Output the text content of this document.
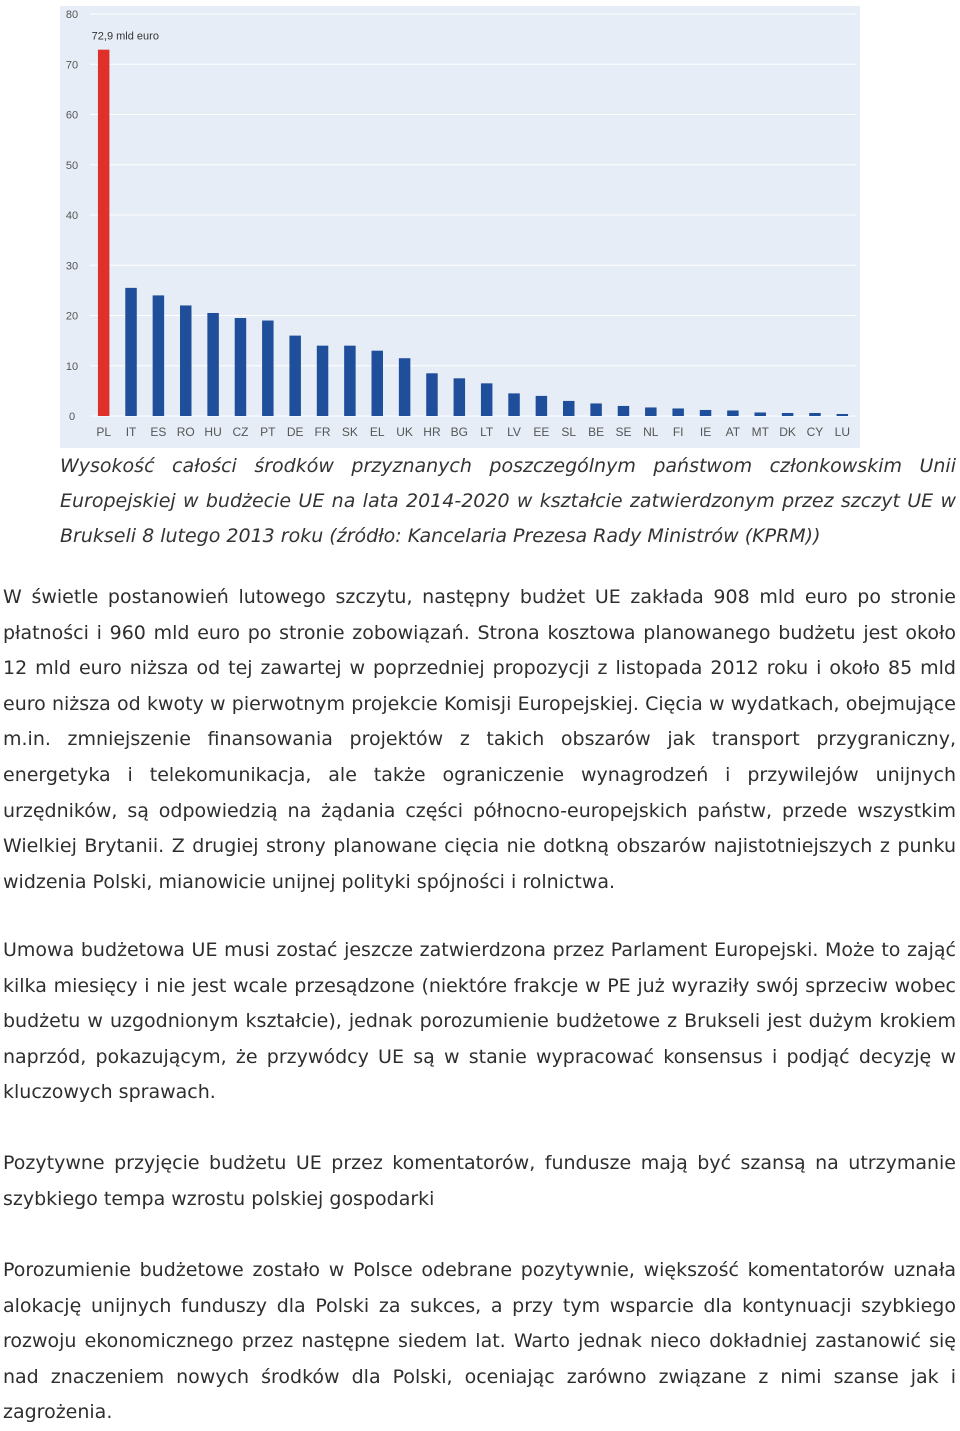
0
10
20
30
40
50
60
70
80
PL IT ES RO HU CZ PT DE FR SK EL UK HR BG LT LV EE SL BE SE NL FI IE AT MT DK CY LU
72,9 mld euro
Wysokość całości środków przyznanych poszczególnym państwom członkowskim Unii Europejskiej w budżecie UE na lata 2014-2020 w kształcie zatwierdzonym przez szczyt UE w Brukseli 8 lutego 2013 roku (źródło: Kancelaria Prezesa Rady Ministrów (KPRM))

W świetle postanowień lutowego szczytu, następny budżet UE zakłada 908 mld euro po stronie płatności i 960 mld euro po stronie zobowiązań. Strona kosztowa planowanego budżetu jest około 12 mld euro niższa od tej zawartej w poprzedniej propozycji z listopada 2012 roku i około 85 mld euro niższa od kwoty w pierwotnym projekcie Komisji Europejskiej. Cięcia w wydatkach, obejmujące m.in. zmniejszenie finansowania projektów z takich obszarów jak transport przygraniczny, energetyka i telekomunikacja, ale także ograniczenie wynagrodzeń i przywilejów unijnych urzędników, są odpowiedzią na żądania części północno-europejskich państw, przede wszystkim Wielkiej Brytanii. Z drugiej strony planowane cięcia nie dotkną obszarów najistotniejszych z punku widzenia Polski, mianowicie unijnej polityki spójności i rolnictwa.

Umowa budżetowa UE musi zostać jeszcze zatwierdzona przez Parlament Europejski. Może to zająć kilka miesięcy i nie jest wcale przesądzone (niektóre frakcje w PE już wyraziły swój sprzeciw wobec budżetu w uzgodnionym kształcie), jednak porozumienie budżetowe z Brukseli jest dużym krokiem naprzód, pokazującym, że przywódcy UE są w stanie wypracować konsensus i podjąć decyzję w kluczowych sprawach.

Pozytywne przyjęcie budżetu UE przez komentatorów, fundusze mają być szansą na utrzymanie szybkiego tempa wzrostu polskiej gospodarki

Porozumienie budżetowe zostało w Polsce odebrane pozytywnie, większość komentatorów uznała alokację unijnych funduszy dla Polski za sukces, a przy tym wsparcie dla kontynuacji szybkiego rozwoju ekonomicznego przez następne siedem lat. Warto jednak nieco dokładniej zastanowić się nad znaczeniem nowych środków dla Polski, oceniając zarówno związane z nimi szanse jak i zagrożenia.
